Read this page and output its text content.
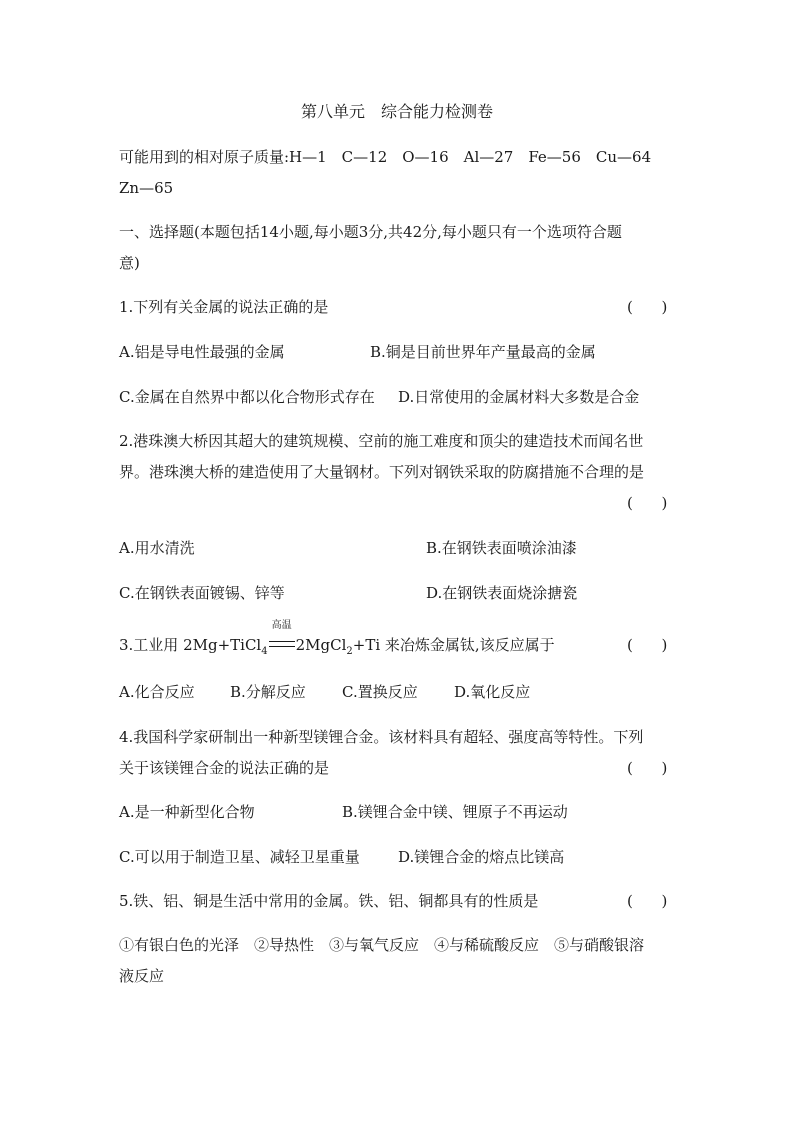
第八单元　综合能力检测卷
可能用到的相对原子质量:H—1　C—12　O—16　Al—27　Fe—56　Cu—64
Zn—65
一、选择题(本题包括14小题,每小题3分,共42分,每小题只有一个选项符合题
意)
1.下列有关金属的说法正确的是	(      )
A.铝是导电性最强的金属	B.铜是目前世界年产量最高的金属
C.金属在自然界中都以化合物形式存在 D.日常使用的金属材料大多数是合金
2.港珠澳大桥因其超大的建筑规模、空前的施工难度和顶尖的建造技术而闻名世
界。港珠澳大桥的建造使用了大量钢材。下列对钢铁采取的防腐措施不合理的是
(      )
A.用水清洗	B.在钢铁表面喷涂油漆
C.在钢铁表面镀锡、锌等	D.在钢铁表面烧涂搪瓷
3.工业用 2Mg+TiCl$_4$
高温
2MgCl$_2$+Ti 来冶炼金属钛,该反应属于	(      )
A.化合反应 B.分解反应 C.置换反应 D.氧化反应
4.我国科学家研制出一种新型镁锂合金。该材料具有超轻、强度高等特性。下列
关于该镁锂合金的说法正确的是	(      )
A.是一种新型化合物	B.镁锂合金中镁、锂原子不再运动
C.可以用于制造卫星、减轻卫星重量	D.镁锂合金的熔点比镁高
5.铁、铝、铜是生活中常用的金属。铁、铝、铜都具有的性质是	(      )
①有银白色的光泽　②导热性　③与氧气反应　④与稀硫酸反应　⑤与硝酸银溶
液反应
